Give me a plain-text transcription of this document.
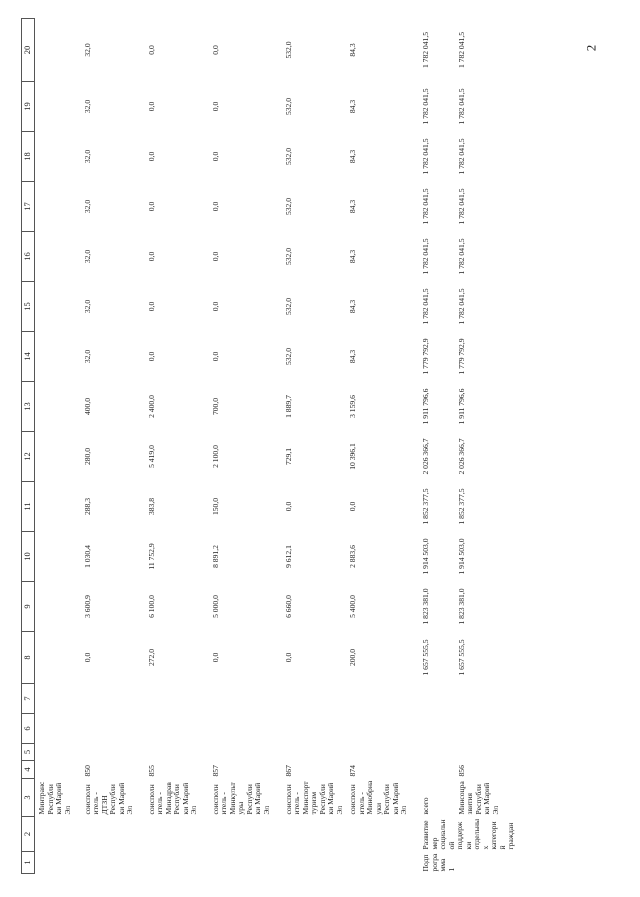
2
1	2	3	4	5	6	7	8	9	10	11	12	13	14	15	16	17	18	19	20
		Минтранс Республики Марий Эл																	
		соисполнитель - ДТЗН Республики Марий Эл	850				0,0	3 600,9	1 030,4	288,3	280,0	400,0	32,0	32,0	32,0	32,0	32,0	32,0	32,0
		соисполнитель - Минздрав Республики Марий Эл	855				272,0	6 100,0	11 752,9	383,8	5 419,0	2 400,0	0,0	0,0	0,0	0,0	0,0	0,0	0,0
		соисполнитель - Минкультуры Республики Марий Эл	857				0,0	5 000,0	8 891,2	150,0	2 100,0	700,0	0,0	0,0	0,0	0,0	0,0	0,0	0,0
		соисполнитель - Минспорттуризм Республики Марий Эл	867				0,0	6 660,0	9 612,1	0,0	729,1	1 889,7	532,0	532,0	532,0	532,0	532,0	532,0	532,0
		соисполнитель - Минобрнауки Республики Марий Эл	874				200,0	5 400,0	2 883,6	0,0	10 396,1	3 159,6	84,3	84,3	84,3	84,3	84,3	84,3	84,3
Подпрограмма 1	Развитие мер социальной поддержки отдельных категорий граждан	всего					1 657 555,5	1 823 381,0	1 914 503,0	1 852 377,5	2 026 366,7	1 911 796,6	1 779 792,9	1 782 041,5	1 782 041,5	1 782 041,5	1 782 041,5	1 782 041,5	1 782 041,5
		Минсоцразвития Республики Марий Эл	856				1 657 555,5	1 823 381,0	1 914 503,0	1 852 377,5	2 026 366,7	1 911 796,6	1 779 792,9	1 782 041,5	1 782 041,5	1 782 041,5	1 782 041,5	1 782 041,5	1 782 041,5
